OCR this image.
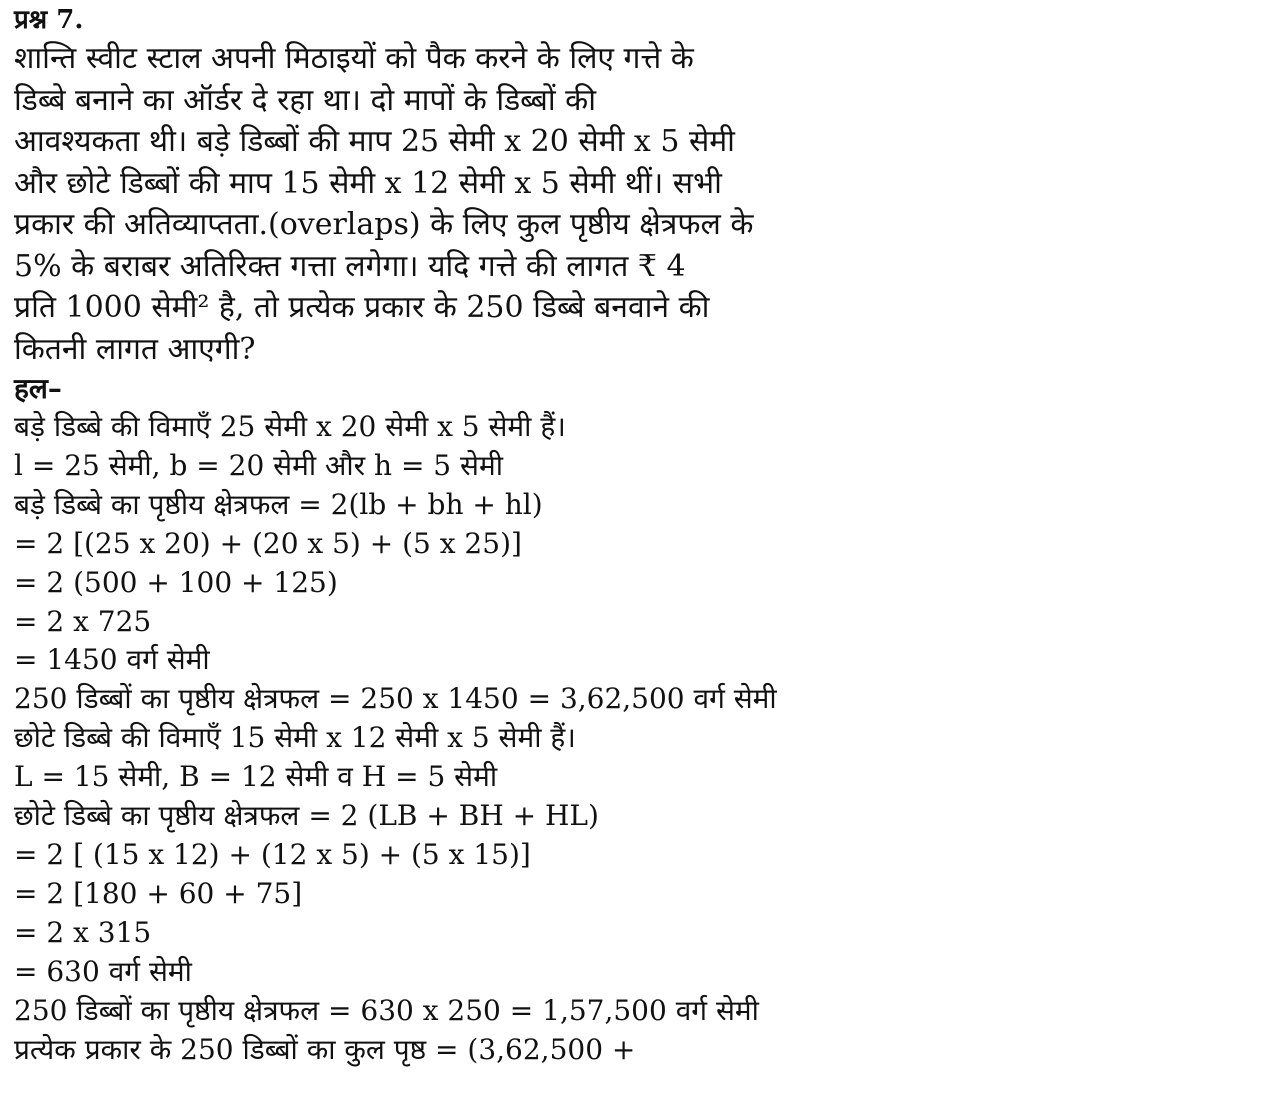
प्रश्न 7.
शान्ति स्वीट स्टाल अपनी मिठाइयों को पैक करने के लिए गत्ते के
डिब्बे बनाने का ऑर्डर दे रहा था। दो मापों के डिब्बों की
आवश्यकता थी। बड़े डिब्बों की माप 25 सेमी x 20 सेमी x 5 सेमी
और छोटे डिब्बों की माप 15 सेमी x 12 सेमी x 5 सेमी थीं। सभी
प्रकार की अतिव्याप्तता.(overlaps) के लिए कुल पृष्ठीय क्षेत्रफल के
5% के बराबर अतिरिक्त गत्ता लगेगा। यदि गत्ते की लागत ₹ 4
प्रति 1000 सेमी² है, तो प्रत्येक प्रकार के 250 डिब्बे बनवाने की
कितनी लागत आएगी?
हल–
बड़े डिब्बे की विमाएँ 25 सेमी x 20 सेमी x 5 सेमी हैं।
l = 25 सेमी, b = 20 सेमी और h = 5 सेमी
बड़े डिब्बे का पृष्ठीय क्षेत्रफल = 2(lb + bh + hl)
= 2 [(25 x 20) + (20 x 5) + (5 x 25)]
= 2 (500 + 100 + 125)
= 2 x 725
= 1450 वर्ग सेमी
250 डिब्बों का पृष्ठीय क्षेत्रफल = 250 x 1450 = 3,62,500 वर्ग सेमी
छोटे डिब्बे की विमाएँ 15 सेमी x 12 सेमी x 5 सेमी हैं।
L = 15 सेमी, B = 12 सेमी व H = 5 सेमी
छोटे डिब्बे का पृष्ठीय क्षेत्रफल = 2 (LB + BH + HL)
= 2 [ (15 x 12) + (12 x 5) + (5 x 15)]
= 2 [180 + 60 + 75]
= 2 x 315
= 630 वर्ग सेमी
250 डिब्बों का पृष्ठीय क्षेत्रफल = 630 x 250 = 1,57,500 वर्ग सेमी
प्रत्येक प्रकार के 250 डिब्बों का कुल पृष्ठ = (3,62,500 +
